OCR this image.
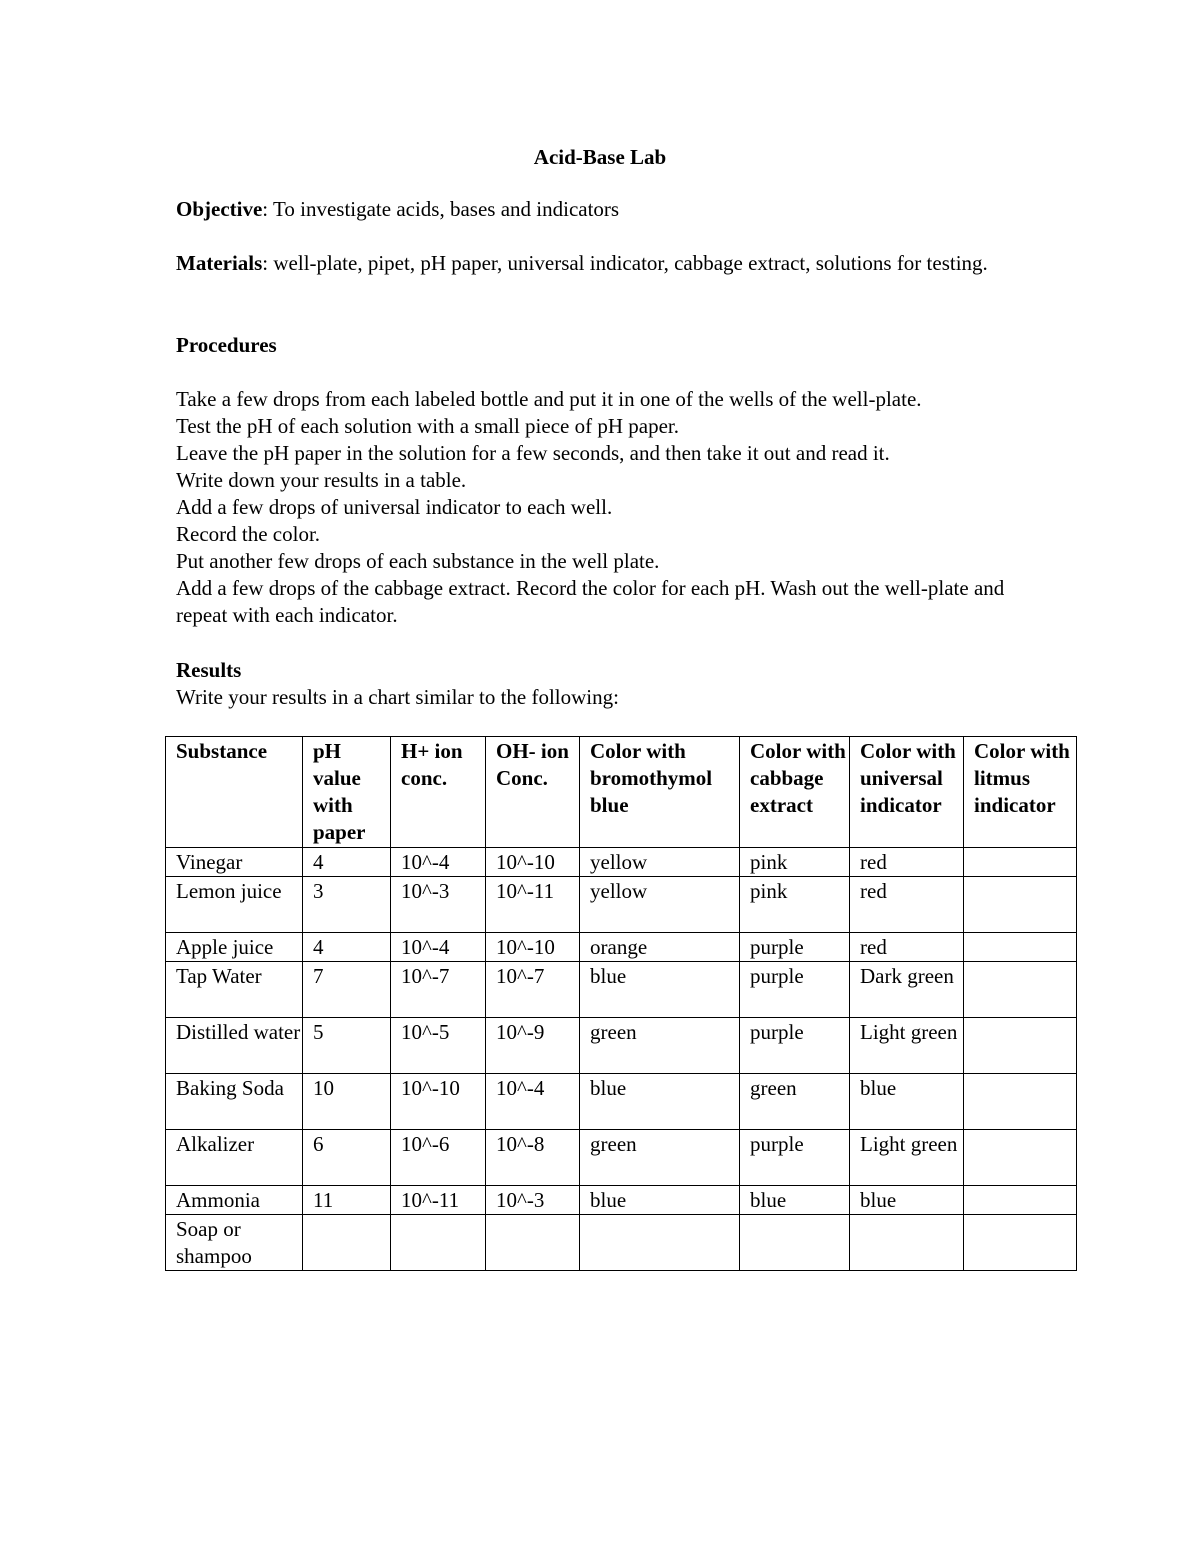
Acid-Base Lab

Objective: To investigate acids, bases and indicators

Materials: well-plate, pipet, pH paper, universal indicator, cabbage extract, solutions for testing.

Procedures

Take a few drops from each labeled bottle and put it in one of the wells of the well-plate.
Test the pH of each solution with a small piece of pH paper.
Leave the pH paper in the solution for a few seconds, and then take it out and read it.
Write down your results in a table.
Add a few drops of universal indicator to each well.
Record the color.
Put another few drops of each substance in the well plate.
Add a few drops of the cabbage extract. Record the color for each pH. Wash out the well-plate and repeat with each indicator.

Results

Write your results in a chart similar to the following:

Substance	pH value with paper	H+ ion conc.	OH- ion Conc.	Color with bromothymol blue	Color with cabbage extract	Color with universal indicator	Color with litmus indicator
Vinegar	4	10^-4	10^-10	yellow	pink	red	
Lemon juice	3	10^-3	10^-11	yellow	pink	red	
Apple juice	4	10^-4	10^-10	orange	purple	red	
Tap Water	7	10^-7	10^-7	blue	purple	Dark green	
Distilled water	5	10^-5	10^-9	green	purple	Light green	
Baking Soda	10	10^-10	10^-4	blue	green	blue	
Alkalizer	6	10^-6	10^-8	green	purple	Light green	
Ammonia	11	10^-11	10^-3	blue	blue	blue	
Soap or shampoo							
